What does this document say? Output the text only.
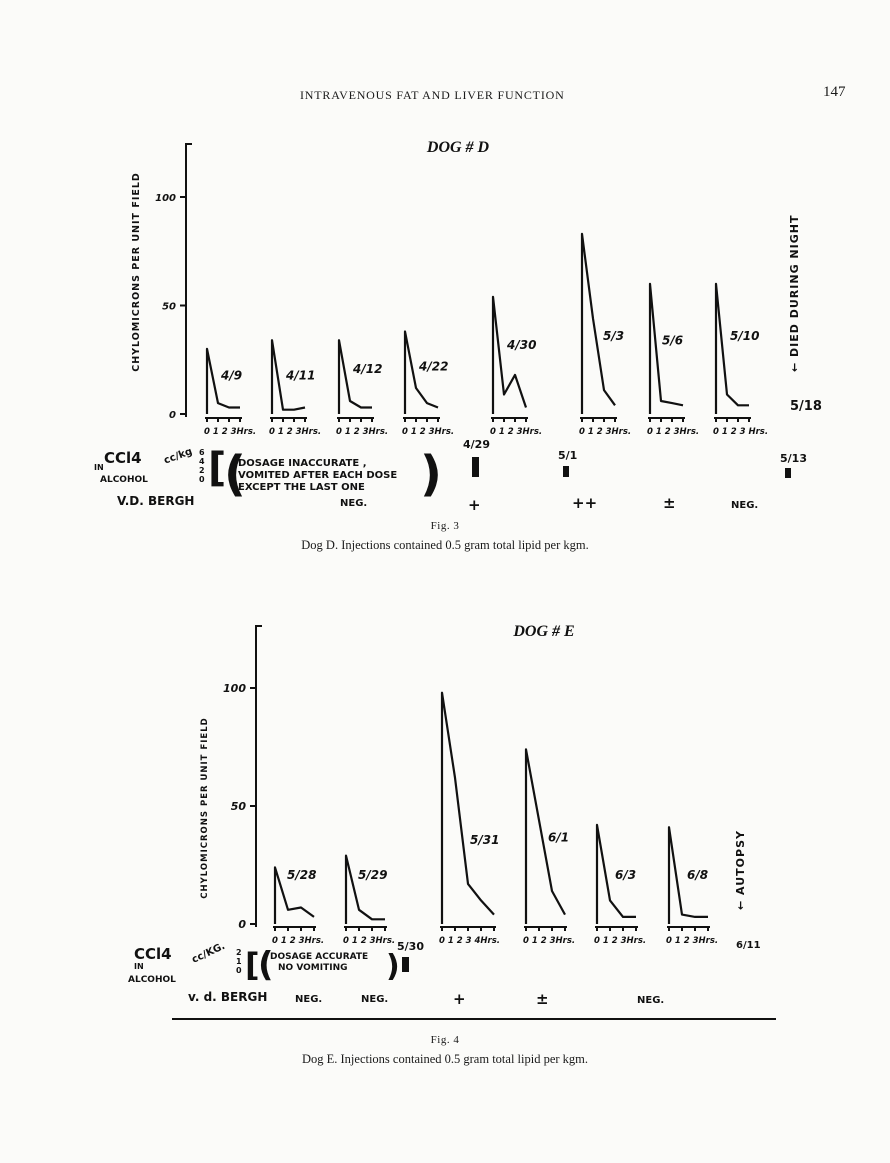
INTRAVENOUS FAT AND LIVER FUNCTION	147
0
50
100
CHYLOMICRONS PER UNIT FIELD
DOG # D
0 1 2 3Hrs.
4/9
0 1 2 3Hrs.
4/11
0 1 2 3Hrs.
4/12
0 1 2 3Hrs.
4/22
0 1 2 3Hrs.
4/30
0 1 2 3Hrs.
5/3
0 1 2 3Hrs.
5/6
0 1 2 3 Hrs.
5/10	← DIED DURING NIGHT
5/18
CCl4
IN
ALCOHOL
cc/kg 6
4
2
0 [
(
DOSAGE INACCURATE ,
VOMITED AFTER EACH DOSE
EXCEPT THE LAST ONE )
4/29
5/1	5/13
V.D. BERGH	NEG.	+	++	±	NEG.
0
50
100
CHYLOMICRONS PER UNIT FIELD
DOG # E
0 1 2 3Hrs.
5/28
0 1 2 3Hrs.
5/29
0 1 2 3 4Hrs.
5/31
0 1 2 3Hrs.
6/1
0 1 2 3Hrs.
6/3
0 1 2 3Hrs.
6/8 ← AUTOPSY
6/11
CCl4
IN
ALCOHOL
cc/KG. 2
1
0 [
(
DOSAGE ACCURATE
NO VOMITING )
5/30
v. d. BERGH	NEG.	NEG.	+	±	NEG.
Fig. 3
Dog D. Injections contained 0.5 gram total lipid per kgm.
Fig. 4
Dog E. Injections contained 0.5 gram total lipid per kgm.
